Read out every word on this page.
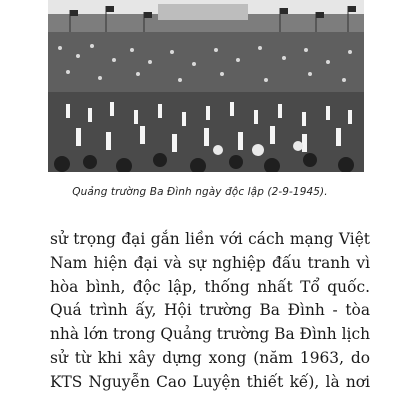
Quảng trường Ba Đình ngày độc lập (2-9-1945).
sử trọng đại gắn liền với cách mạng Việt
Nam hiện đại và sự nghiệp đấu tranh vì
hòa bình, độc lập, thống nhất Tổ quốc.
Quá trình ấy, Hội trường Ba Đình - tòa
nhà lớn trong Quảng trường Ba Đình lịch
sử từ khi xây dựng xong (năm 1963, do
KTS Nguyễn Cao Luyện thiết kế), là nơi
